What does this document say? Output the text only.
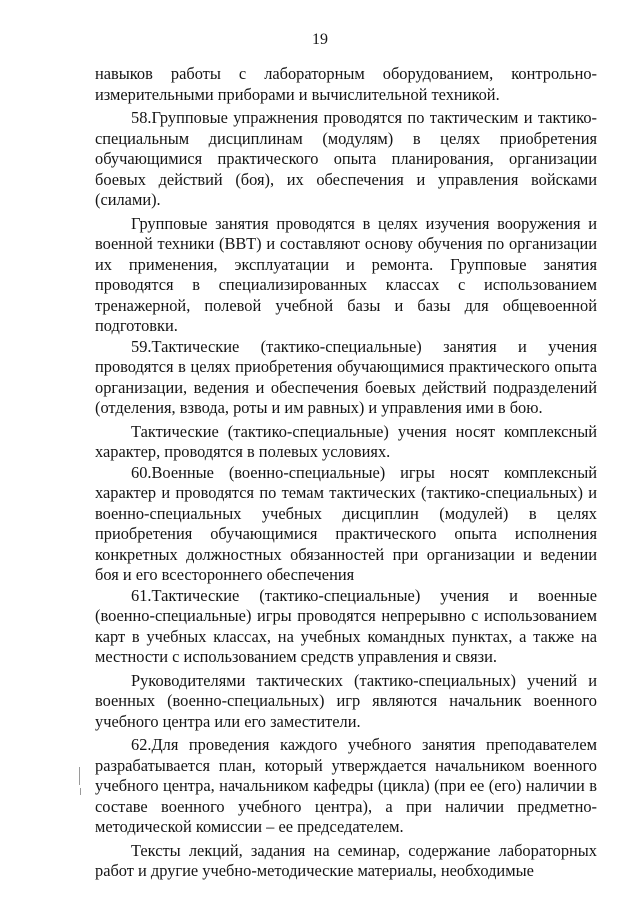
19

навыков работы с лабораторным оборудованием, контрольно-измерительными приборами и вычислительной техникой.

58.Групповые упражнения проводятся по тактическим и тактико-специальным дисциплинам (модулям) в целях приобретения обучающимися практического опыта планирования, организации боевых действий (боя), их обеспечения и управления войсками (силами).

Групповые занятия проводятся в целях изучения вооружения и военной техники (ВВТ) и составляют основу обучения по организации их применения, эксплуатации и ремонта. Групповые занятия проводятся в специализированных классах с использованием тренажерной, полевой учебной базы и базы для общевоенной подготовки.

59.Тактические (тактико-специальные) занятия и учения проводятся в целях приобретения обучающимися практического опыта организации, ведения и обеспечения боевых действий подразделений (отделения, взвода, роты и им равных) и управления ими в бою.

Тактические (тактико-специальные) учения носят комплексный характер, проводятся в полевых условиях.

60.Военные (военно-специальные) игры носят комплексный характер и проводятся по темам тактических (тактико-специальных) и военно-специальных учебных дисциплин (модулей) в целях приобретения обучающимися практического опыта исполнения конкретных должностных обязанностей при организации и ведении боя и его всестороннего обеспечения

61.Тактические (тактико-специальные) учения и военные (военно-специальные) игры проводятся непрерывно с использованием карт в учебных классах, на учебных командных пунктах, а также на местности с использованием средств управления и связи.

Руководителями тактических (тактико-специальных) учений и военных (военно-специальных) игр являются начальник военного учебного центра или его заместители.

62.Для проведения каждого учебного занятия преподавателем разрабатывается план, который утверждается начальником военного учебного центра, начальником кафедры (цикла) (при ее (его) наличии в составе военного учебного центра), а при наличии предметно-методической комиссии – ее председателем.

Тексты лекций, задания на семинар, содержание лабораторных работ и другие учебно-методические материалы, необходимые
